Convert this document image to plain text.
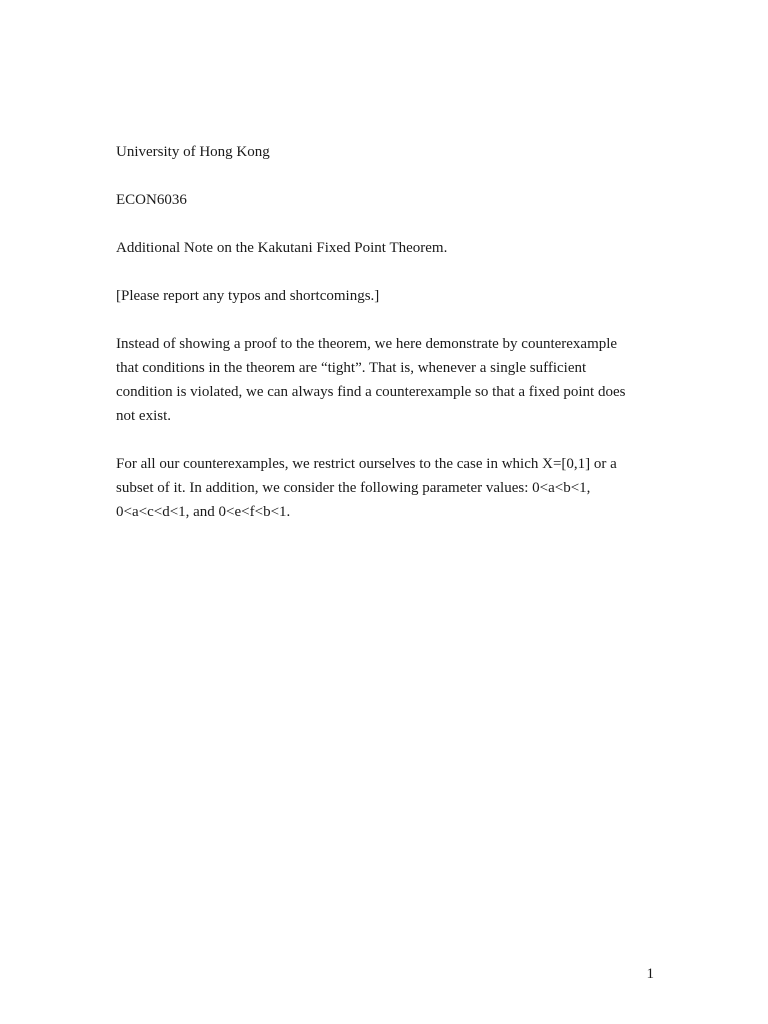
University of Hong Kong

ECON6036

Additional Note on the Kakutani Fixed Point Theorem.

[Please report any typos and shortcomings.]

Instead of showing a proof to the theorem, we here demonstrate by counterexample
that conditions in the theorem are “tight”. That is, whenever a single sufficient
condition is violated, we can always find a counterexample so that a fixed point does
not exist.

For all our counterexamples, we restrict ourselves to the case in which X=[0,1] or a
subset of it. In addition, we consider the following parameter values: 0<a<b<1,
0<a<c<d<1, and 0<e<f<b<1.

1
